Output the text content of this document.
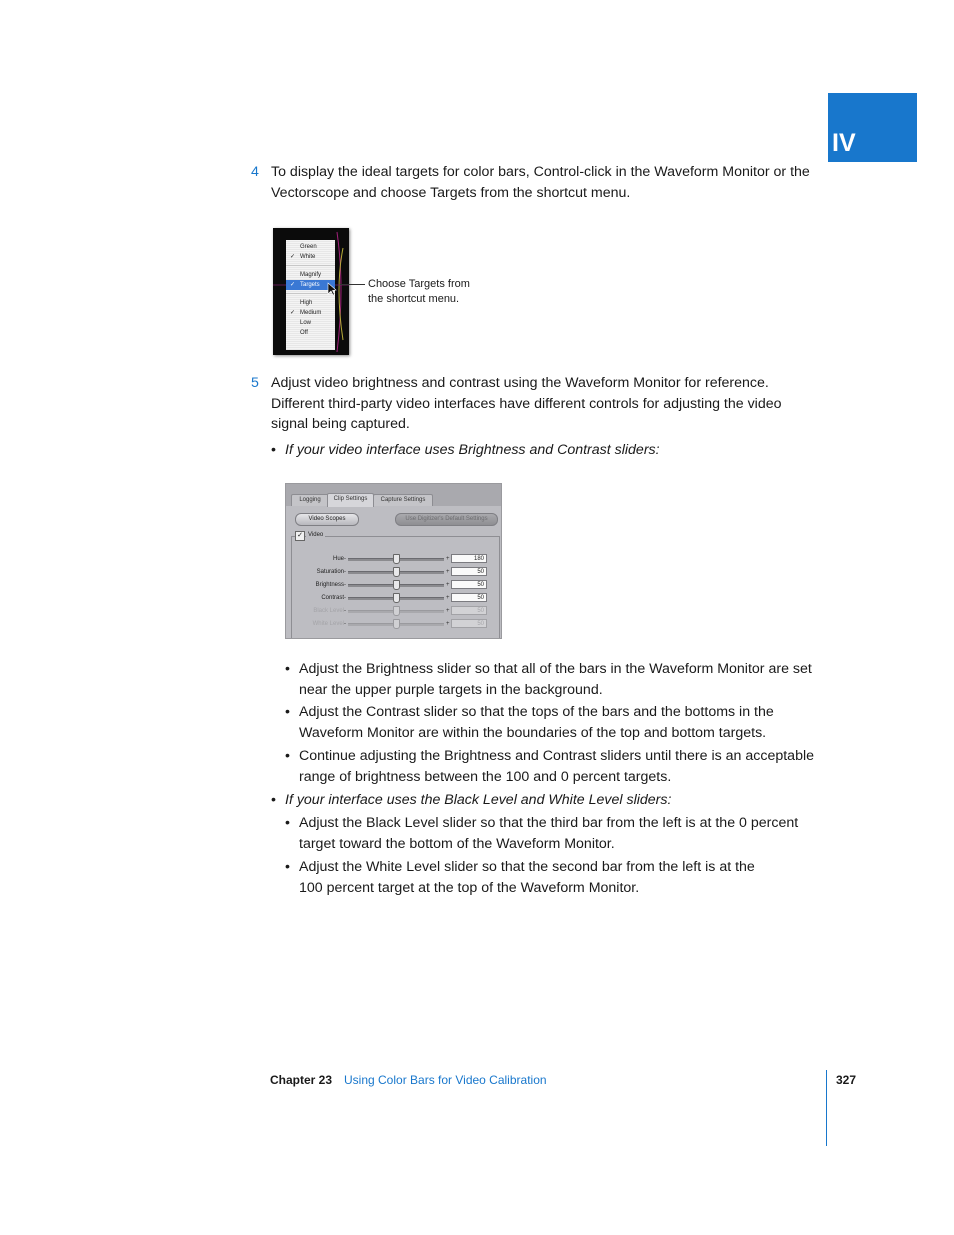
IV
4 To display the ideal targets for color bars, Control-click in the Waveform Monitor or the
Vectorscope and choose Targets from the shortcut menu.
Green
✓ White
Magnify
✓ Targets
High
✓ Medium
Low
Off
Choose Targets from
the shortcut menu.
5 Adjust video brightness and contrast using the Waveform Monitor for reference.
Different third-party video interfaces have different controls for adjusting the video
signal being captured.
• If your video interface uses Brightness and Contrast sliders:
Logging	Clip Settings	Capture Settings
Video Scopes	Use Digitizer's Default Settings
✓ Video
Hue -	+	180
Saturation -	+	50
Brightness -	+	50
Contrast -	+	50
Black Level -	+	50
White Level -	+	50
• Adjust the Brightness slider so that all of the bars in the Waveform Monitor are set
near the upper purple targets in the background.
• Adjust the Contrast slider so that the tops of the bars and the bottoms in the
Waveform Monitor are within the boundaries of the top and bottom targets.
• Continue adjusting the Brightness and Contrast sliders until there is an acceptable
range of brightness between the 100 and 0 percent targets.
• If your interface uses the Black Level and White Level sliders:
• Adjust the Black Level slider so that the third bar from the left is at the 0 percent
target toward the bottom of the Waveform Monitor.
• Adjust the White Level slider so that the second bar from the left is at the
100 percent target at the top of the Waveform Monitor.
Chapter 23 Using Color Bars for Video Calibration	327
